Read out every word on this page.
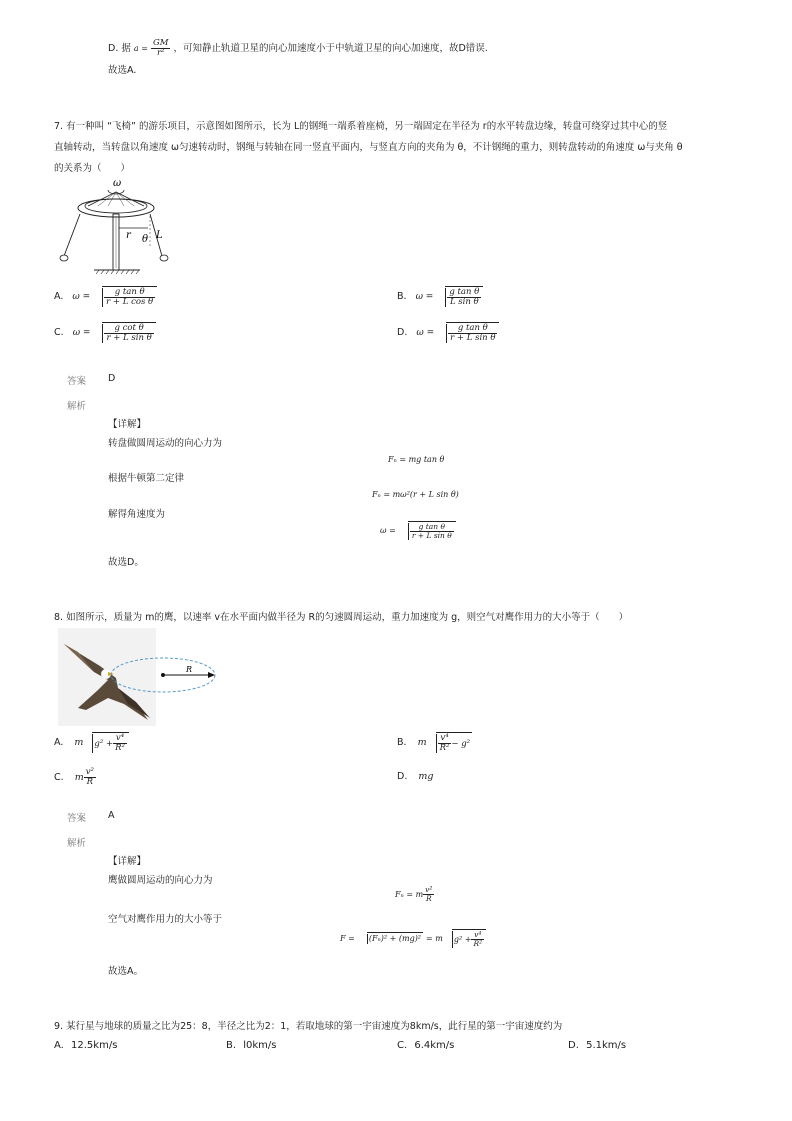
D. 据 $a = \frac{GM}{\text{r²}}$ ，可知静止轨道卫星的向心加速度小于中轨道卫星的向心加速度，故D错误.
故选A.
7. 有一种叫 “飞椅” 的游乐项目，示意图如图所示，长为 L的钢绳一端系着座椅，另一端固定在半径为 r的水平转盘边缘，转盘可绕穿过其中心的竖
直轴转动，当转盘以角速度 ω匀速转动时，钢绳与转轴在同一竖直平面内，与竖直方向的夹角为 θ，不计钢绳的重力，则转盘转动的角速度 ω与夹角 θ
的关系为（　　）
ω
r θ L
A. $\omega = \frac{\text{g tan θ}}{\text{r + L cos θ}}$	B. $\omega = \frac{\text{g tan θ}}{\text{L sin θ}}$
C. $\omega = \frac{\text{g cot θ}}{\text{r + L sin θ}}$	D. $\omega = \frac{\text{g tan θ}}{\text{r + L sin θ}}$
答案 D
解析
【详解】
转盘做圆周运动的向心力为
Fₙ = mg tan θ
根据牛顿第二定律
Fₙ = mω²(r + L sin θ)
解得角速度为
$\omega = \frac{\text{g tan θ}}{\text{r + L sin θ}}$
故选D。
8. 如图所示，质量为 m的鹰，以速率 v在水平面内做半径为 R的匀速圆周运动，重力加速度为 g，则空气对鹰作用力的大小等于（　　）
R
A. m $g^2 + \frac{\text{v⁴}}{\text{R²}}$	B. m $\frac{\text{v⁴}}{\text{R²}} - g^2$
C. m $\frac{\text{v²}}{R}$	D. mg
答案 A
解析
【详解】
鹰做圆周运动的向心力为
Fₙ = m $\frac{\text{v²}}{R}$
空气对鹰作用力的大小等于
F = (Fₙ)² + (mg)² = m $g^2 + \frac{\text{v⁴}}{\text{R²}}$
故选A。
9. 某行星与地球的质量之比为25：8，半径之比为2：1，若取地球的第一宇宙速度为8km/s，此行星的第一宇宙速度约为
A. 12.5km/s	B. l0km/s	C. 6.4km/s	D. 5.1km/s
